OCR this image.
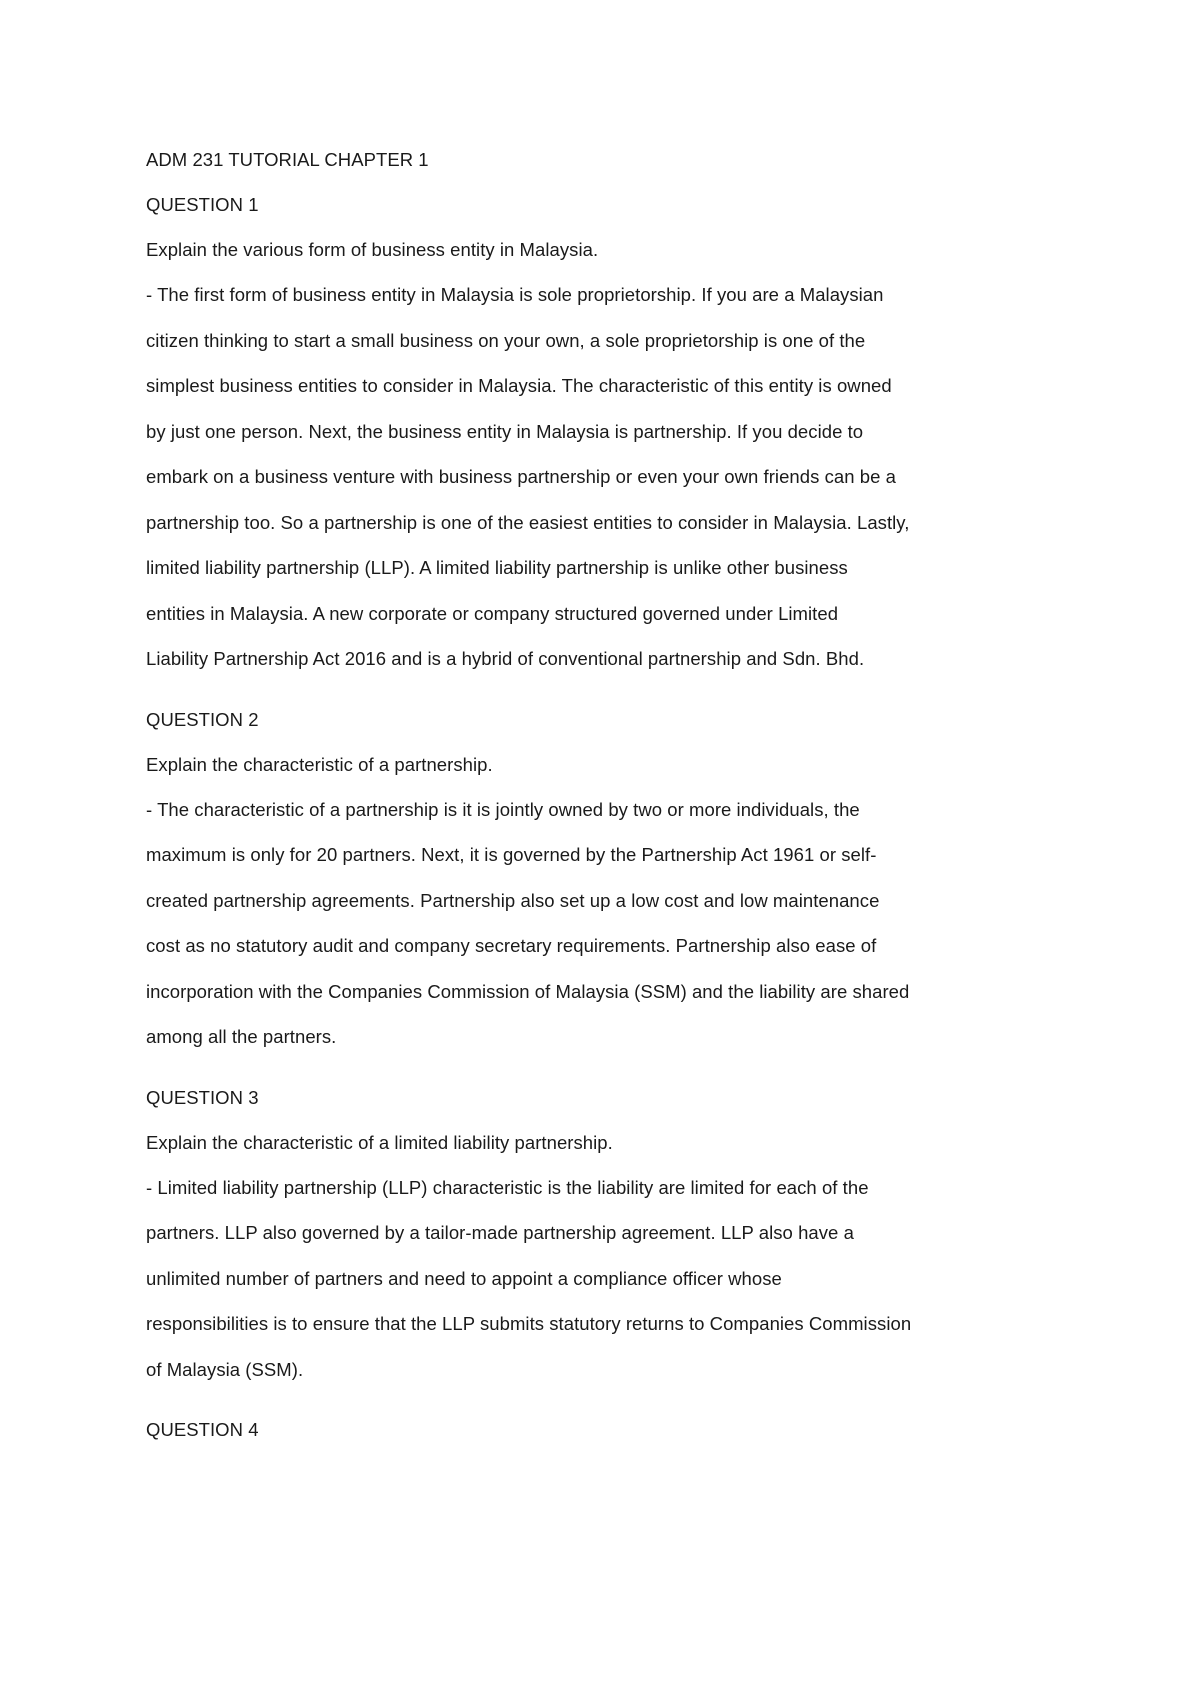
ADM 231 TUTORIAL CHAPTER 1
QUESTION 1
Explain the various form of business entity in Malaysia.
- The first form of business entity in Malaysia is sole proprietorship. If you are a Malaysian
citizen thinking to start a small business on your own, a sole proprietorship is one of the
simplest business entities to consider in Malaysia. The characteristic of this entity is owned
by just one person. Next, the business entity in Malaysia is partnership. If you decide to
embark on a business venture with business partnership or even your own friends can be a
partnership too. So a partnership is one of the easiest entities to consider in Malaysia. Lastly,
limited liability partnership (LLP). A limited liability partnership is unlike other business
entities in Malaysia. A new corporate or company structured governed under Limited
Liability Partnership Act 2016 and is a hybrid of conventional partnership and Sdn. Bhd.
QUESTION 2
Explain the characteristic of a partnership.
- The characteristic of a partnership is it is jointly owned by two or more individuals, the
maximum is only for 20 partners. Next, it is governed by the Partnership Act 1961 or self-
created partnership agreements. Partnership also set up a low cost and low maintenance
cost as no statutory audit and company secretary requirements. Partnership also ease of
incorporation with the Companies Commission of Malaysia (SSM) and the liability are shared
among all the partners.
QUESTION 3
Explain the characteristic of a limited liability partnership.
- Limited liability partnership (LLP) characteristic is the liability are limited for each of the
partners. LLP also governed by a tailor-made partnership agreement. LLP also have a
unlimited number of partners and need to appoint a compliance officer whose
responsibilities is to ensure that the LLP submits statutory returns to Companies Commission
of Malaysia (SSM).
QUESTION 4
